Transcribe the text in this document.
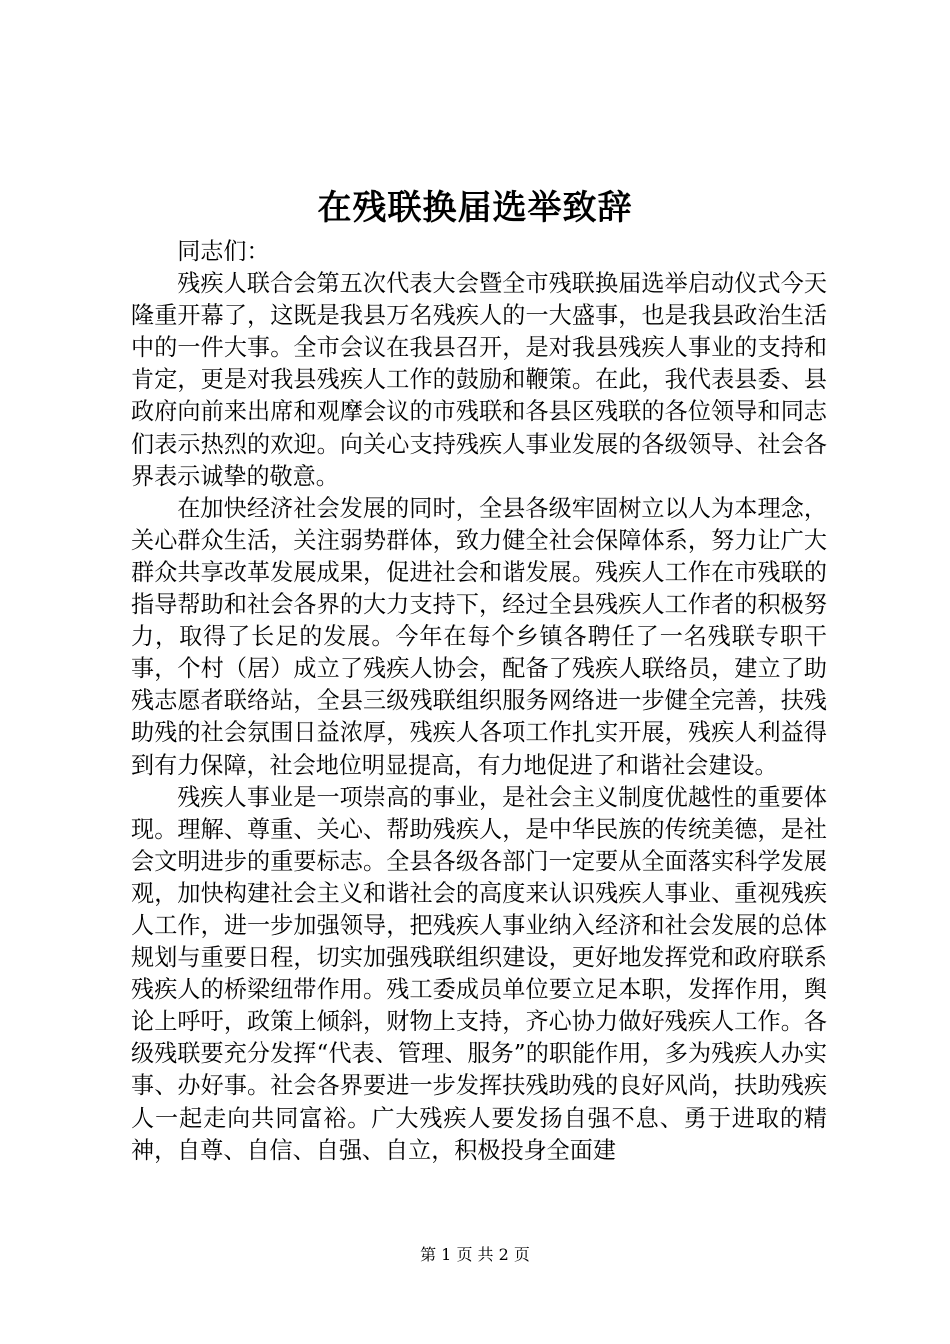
在残联换届选举致辞
同志们：

残疾人联合会第五次代表大会暨全市残联换届选举启动仪式今天隆重开幕了，这既是我县万名残疾人的一大盛事，也是我县政治生活中的一件大事。全市会议在我县召开，是对我县残疾人事业的支持和肯定，更是对我县残疾人工作的鼓励和鞭策。在此，我代表县委、县政府向前来出席和观摩会议的市残联和各县区残联的各位领导和同志们表示热烈的欢迎。向关心支持残疾人事业发展的各级领导、社会各界表示诚挚的敬意。

在加快经济社会发展的同时，全县各级牢固树立以人为本理念，关心群众生活，关注弱势群体，致力健全社会保障体系，努力让广大群众共享改革发展成果，促进社会和谐发展。残疾人工作在市残联的指导帮助和社会各界的大力支持下，经过全县残疾人工作者的积极努力，取得了长足的发展。今年在每个乡镇各聘任了一名残联专职干事，个村（居）成立了残疾人协会，配备了残疾人联络员，建立了助残志愿者联络站，全县三级残联组织服务网络进一步健全完善，扶残助残的社会氛围日益浓厚，残疾人各项工作扎实开展，残疾人利益得到有力保障，社会地位明显提高，有力地促进了和谐社会建设。

残疾人事业是一项崇高的事业，是社会主义制度优越性的重要体现。理解、尊重、关心、帮助残疾人，是中华民族的传统美德，是社会文明进步的重要标志。全县各级各部门一定要从全面落实科学发展观，加快构建社会主义和谐社会的高度来认识残疾人事业、重视残疾人工作，进一步加强领导，把残疾人事业纳入经济和社会发展的总体规划与重要日程，切实加强残联组织建设，更好地发挥党和政府联系残疾人的桥梁纽带作用。残工委成员单位要立足本职，发挥作用，舆论上呼吁，政策上倾斜，财物上支持，齐心协力做好残疾人工作。各级残联要充分发挥“代表、管理、服务”的职能作用，多为残疾人办实事、办好事。社会各界要进一步发挥扶残助残的良好风尚，扶助残疾人一起走向共同富裕。广大残疾人要发扬自强不息、勇于进取的精神，自尊、自信、自强、自立，积极投身全面建

第 1 页 共 2 页
